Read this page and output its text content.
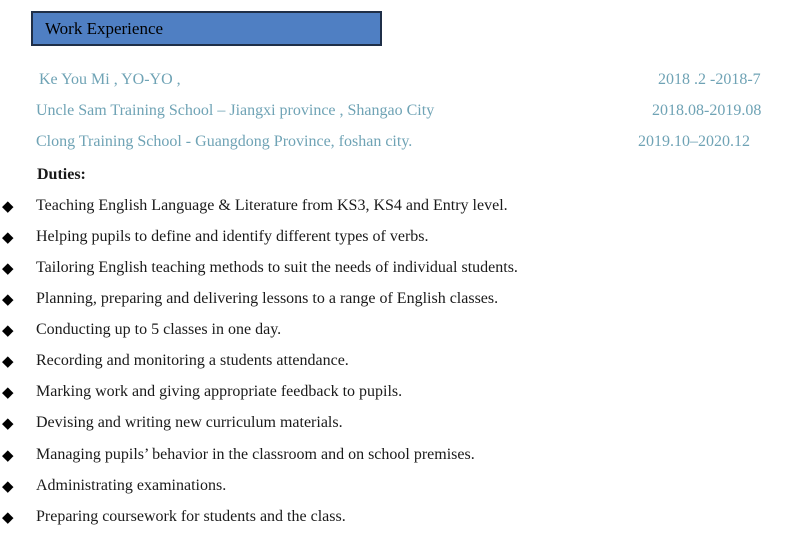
Work Experience
Ke You Mi , YO-YO ,	2018 .2 -2018-7
Uncle Sam Training School – Jiangxi province , Shangao City	2018.08-2019.08
Clong Training School - Guangdong Province, foshan city.	2019.10–2020.12
Duties:
◆ Teaching English Language & Literature from KS3, KS4 and Entry level.
◆ Helping pupils to define and identify different types of verbs.
◆ Tailoring English teaching methods to suit the needs of individual students.
◆ Planning, preparing and delivering lessons to a range of English classes.
◆ Conducting up to 5 classes in one day.
◆ Recording and monitoring a students attendance.
◆ Marking work and giving appropriate feedback to pupils.
◆ Devising and writing new curriculum materials.
◆ Managing pupils’ behavior in the classroom and on school premises.
◆ Administrating examinations.
◆ Preparing coursework for students and the class.
